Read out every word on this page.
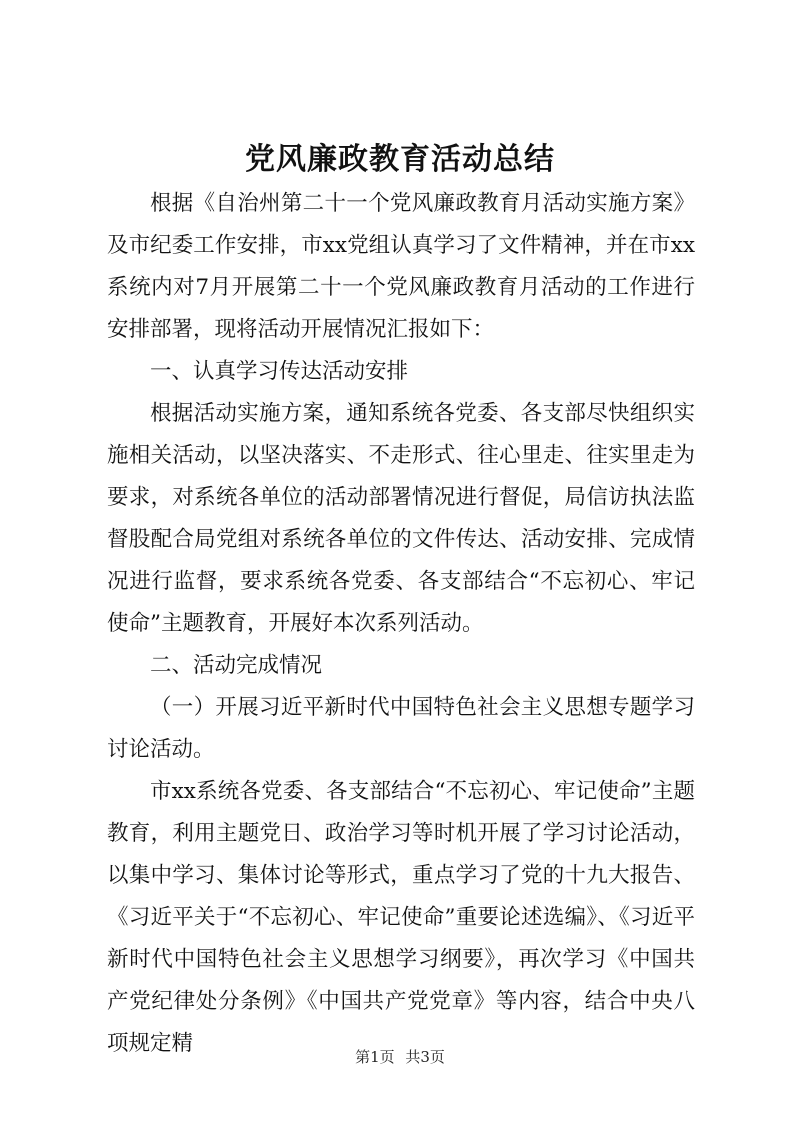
党风廉政教育活动总结

根据《自治州第二十一个党风廉政教育月活动实施方案》及市纪委工作安排，市xx党组认真学习了文件精神，并在市xx系统内对7月开展第二十一个党风廉政教育月活动的工作进行安排部署，现将活动开展情况汇报如下：

一、认真学习传达活动安排

根据活动实施方案，通知系统各党委、各支部尽快组织实施相关活动，以坚决落实、不走形式、往心里走、往实里走为要求，对系统各单位的活动部署情况进行督促，局信访执法监督股配合局党组对系统各单位的文件传达、活动安排、完成情况进行监督，要求系统各党委、各支部结合“不忘初心、牢记使命”主题教育，开展好本次系列活动。

二、活动完成情况

（一）开展习近平新时代中国特色社会主义思想专题学习讨论活动。

市xx系统各党委、各支部结合“不忘初心、牢记使命”主题教育，利用主题党日、政治学习等时机开展了学习讨论活动，以集中学习、集体讨论等形式，重点学习了党的十九大报告、《习近平关于“不忘初心、牢记使命”重要论述选编》、《习近平新时代中国特色社会主义思想学习纲要》，再次学习《中国共产党纪律处分条例》《中国共产党党章》等内容，结合中央八项规定精

第1页 共3页
